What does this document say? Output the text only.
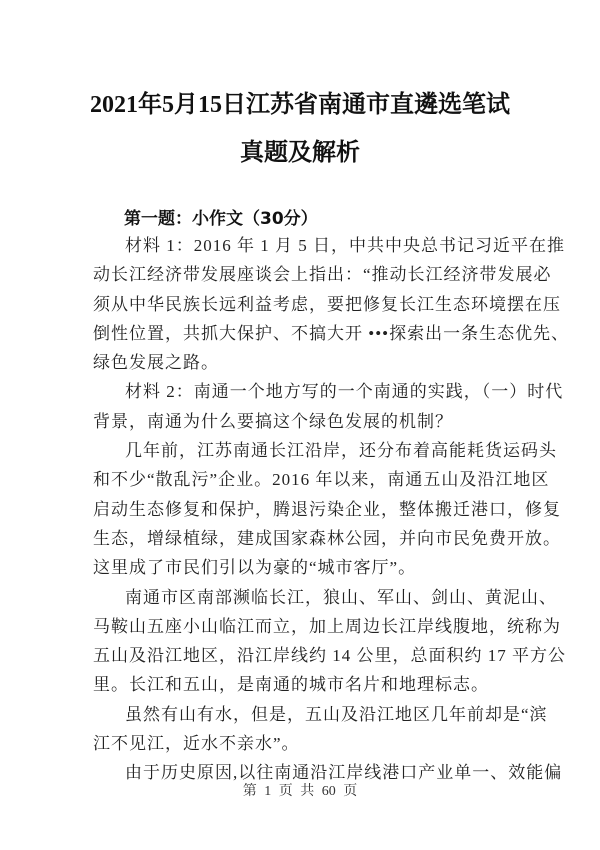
2021年5月15日江苏省南通市直遴选笔试
真题及解析
第一题：小作文（30分）
材料 1：2016 年 1 月 5 日，中共中央总书记习近平在推
动长江经济带发展座谈会上指出：“推动长江经济带发展必
须从中华民族长远利益考虑，要把修复长江生态环境摆在压
倒性位置，共抓大保护、不搞大开 •••探索出一条生态优先、
绿色发展之路。
材料 2：南通一个地方写的一个南通的实践，（一）时代
背景，南通为什么要搞这个绿色发展的机制？
几年前，江苏南通长江沿岸，还分布着高能耗货运码头
和不少“散乱污”企业。2016 年以来，南通五山及沿江地区
启动生态修复和保护，腾退污染企业，整体搬迁港口，修复
生态，增绿植绿，建成国家森林公园，并向市民免费开放。
这里成了市民们引以为豪的“城市客厅”。
南通市区南部濒临长江，狼山、军山、剑山、黄泥山、
马鞍山五座小山临江而立，加上周边长江岸线腹地，统称为
五山及沿江地区，沿江岸线约 14 公里，总面积约 17 平方公
里。长江和五山，是南通的城市名片和地理标志。
虽然有山有水，但是，五山及沿江地区几年前却是“滨
江不见江，近水不亲水”。
由于历史原因,以往南通沿江岸线港口产业单一、效能偏
第 1 页 共 60 页
